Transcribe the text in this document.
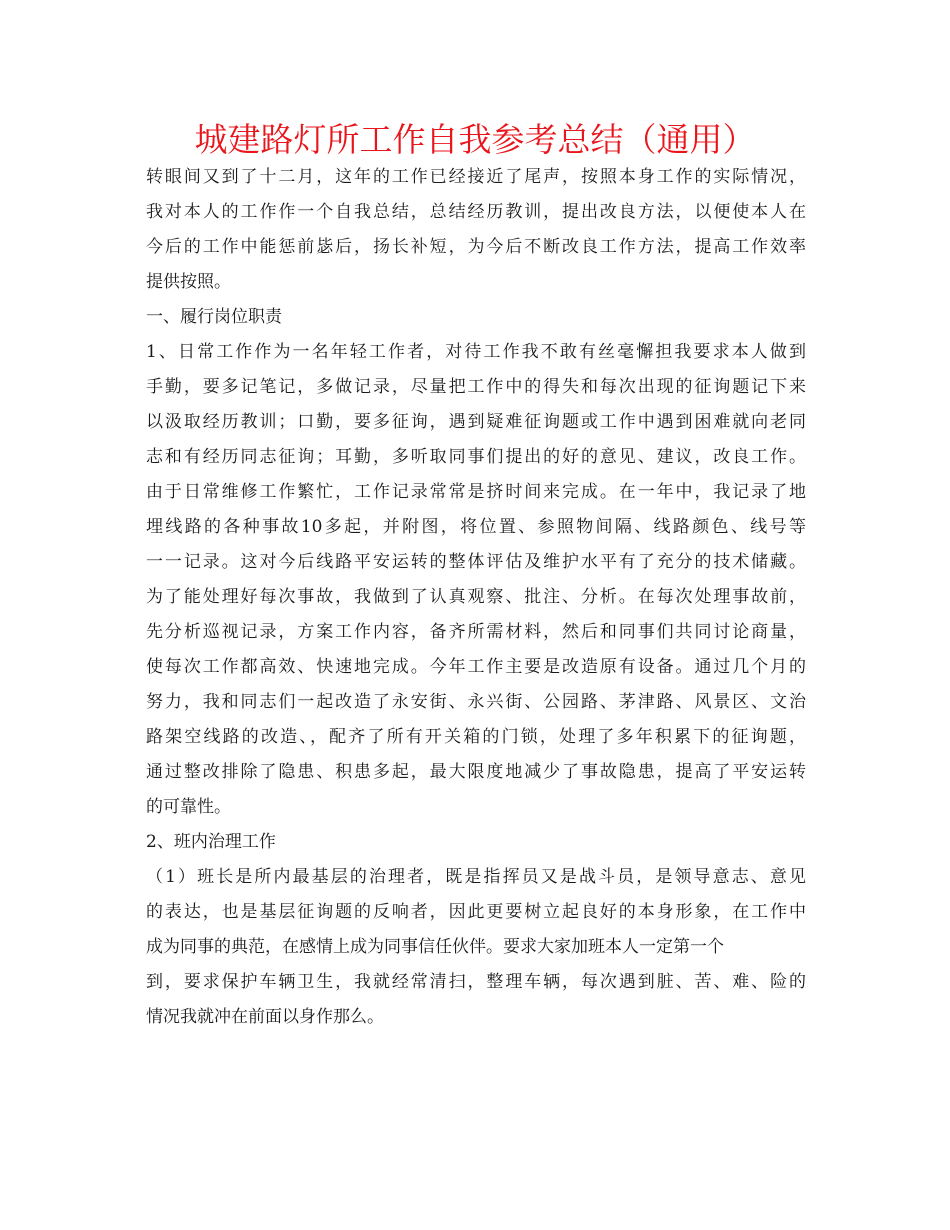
城建路灯所工作自我参考总结（通用）
转眼间又到了十二月，这年的工作已经接近了尾声，按照本身工作的实际情况，
我对本人的工作作一个自我总结，总结经历教训，提出改良方法，以便使本人在
今后的工作中能惩前毖后，扬长补短，为今后不断改良工作方法，提高工作效率
提供按照。
一、履行岗位职责
1、日常工作作为一名年轻工作者，对待工作我不敢有丝毫懈担我要求本人做到
手勤，要多记笔记，多做记录，尽量把工作中的得失和每次出现的征询题记下来
以汲取经历教训；口勤，要多征询，遇到疑难征询题或工作中遇到困难就向老同
志和有经历同志征询；耳勤，多听取同事们提出的好的意见、建议，改良工作。
由于日常维修工作繁忙，工作记录常常是挤时间来完成。在一年中，我记录了地
埋线路的各种事故10多起，并附图，将位置、参照物间隔、线路颜色、线号等
一一记录。这对今后线路平安运转的整体评估及维护水平有了充分的技术储藏。
为了能处理好每次事故，我做到了认真观察、批注、分析。在每次处理事故前，
先分析巡视记录，方案工作内容，备齐所需材料，然后和同事们共同讨论商量，
使每次工作都高效、快速地完成。今年工作主要是改造原有设备。通过几个月的
努力，我和同志们一起改造了永安街、永兴街、公园路、茅津路、风景区、文治
路架空线路的改造、，配齐了所有开关箱的门锁，处理了多年积累下的征询题，
通过整改排除了隐患、积患多起，最大限度地减少了事故隐患，提高了平安运转
的可靠性。
2、班内治理工作
（1）班长是所内最基层的治理者，既是指挥员又是战斗员，是领导意志、意见
的表达，也是基层征询题的反响者，因此更要树立起良好的本身形象，在工作中
成为同事的典范，在感情上成为同事信任伙伴。要求大家加班本人一定第一个
到，要求保护车辆卫生，我就经常清扫，整理车辆，每次遇到脏、苦、难、险的
情况我就冲在前面以身作那么。
